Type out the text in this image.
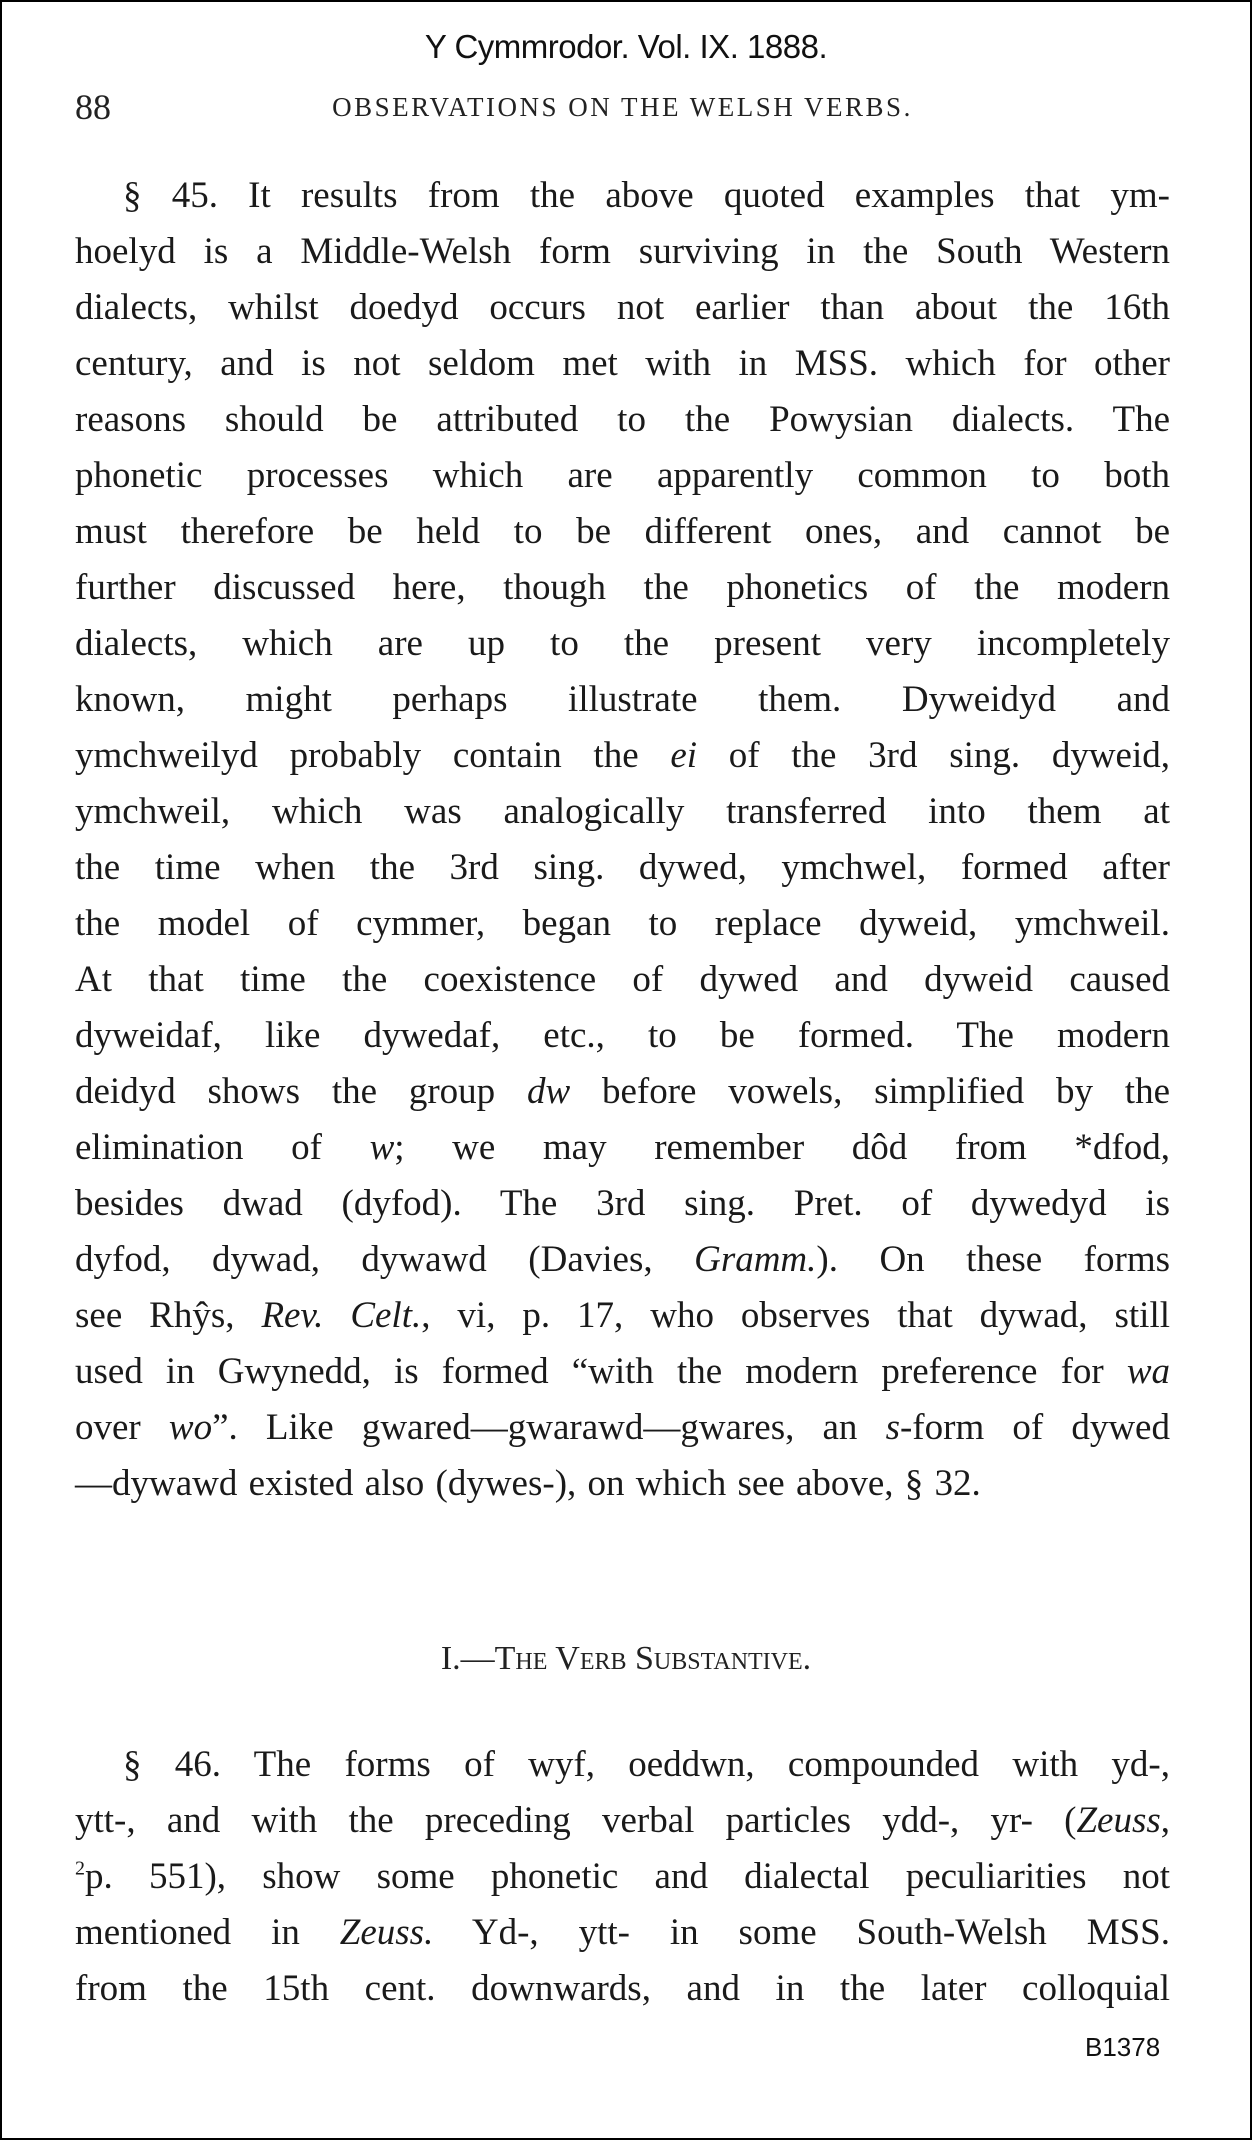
Y Cymmrodor. Vol. IX. 1888.
88	OBSERVATIONS ON THE WELSH VERBS.
§ 45. It results from the above quoted examples that ym-
hoelyd is a Middle-Welsh form surviving in the South Western
dialects, whilst doedyd occurs not earlier than about the 16th
century, and is not seldom met with in MSS. which for other
reasons should be attributed to the Powysian dialects. The
phonetic processes which are apparently common to both
must therefore be held to be different ones, and cannot be
further discussed here, though the phonetics of the modern
dialects, which are up to the present very incompletely
known, might perhaps illustrate them. Dyweidyd and
ymchweilyd probably contain the ei of the 3rd sing. dyweid,
ymchweil, which was analogically transferred into them at
the time when the 3rd sing. dywed, ymchwel, formed after
the model of cymmer, began to replace dyweid, ymchweil.
At that time the coexistence of dywed and dyweid caused
dyweidaf, like dywedaf, etc., to be formed. The modern
deidyd shows the group dw before vowels, simplified by the
elimination of w; we may remember dôd from *dfod,
besides dwad (dyfod). The 3rd sing. Pret. of dywedyd is
dyfod, dywad, dywawd (Davies, Gramm.). On these forms
see Rhŷs, Rev. Celt., vi, p. 17, who observes that dywad, still
used in Gwynedd, is formed “with the modern preference for wa
over wo”. Like gwared—gwarawd—gwares, an s-form of dywed
—dywawd existed also (dywes-), on which see above, § 32.
I.—The Verb Substantive.
§ 46. The forms of wyf, oeddwn, compounded with yd-,
ytt-, and with the preceding verbal particles ydd-, yr- (Zeuss,
$^2$p. 551), show some phonetic and dialectal peculiarities not
mentioned in Zeuss. Yd-, ytt- in some South-Welsh MSS.
from the 15th cent. downwards, and in the later colloquial
B1378
